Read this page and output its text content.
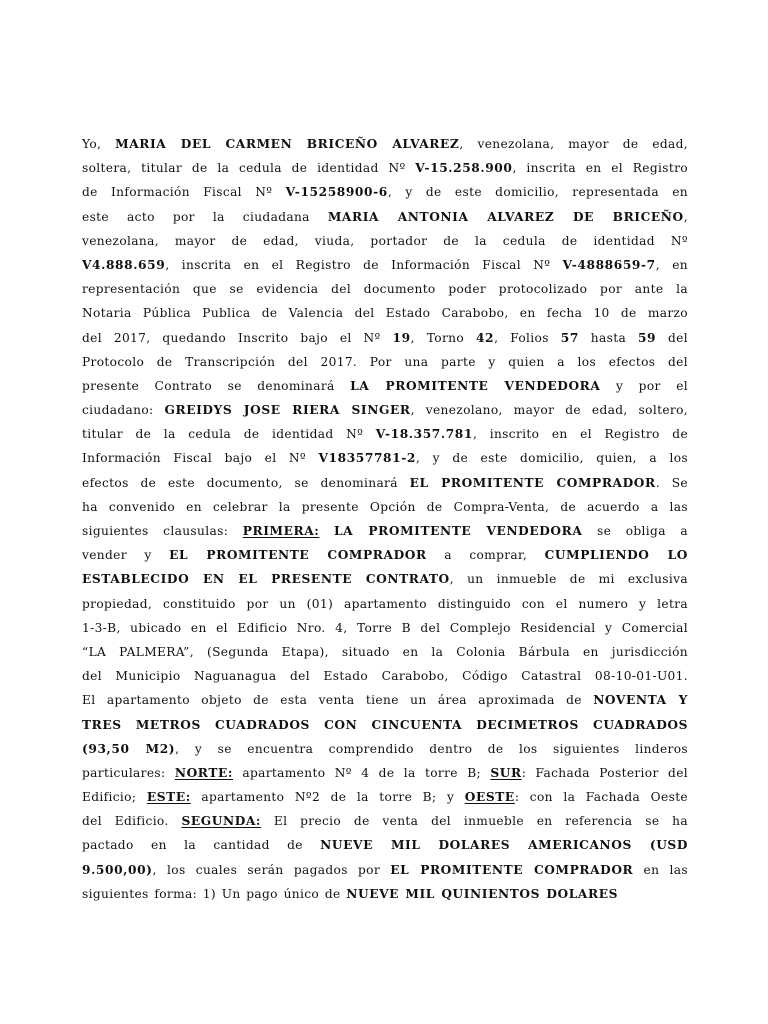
Yo, MARIA DEL CARMEN BRICEÑO ALVAREZ, venezolana, mayor de edad,
soltera, titular de la cedula de identidad Nº V-15.258.900, inscrita en el Registro
de Información Fiscal Nº V-15258900-6, y de este domicilio, representada en
este acto por la ciudadana MARIA ANTONIA ALVAREZ DE BRICEÑO,
venezolana, mayor de edad, viuda, portador de la cedula de identidad Nº
V4.888.659, inscrita en el Registro de Información Fiscal Nº V-4888659-7, en
representación que se evidencia del documento poder protocolizado por ante la
Notaria Pública Publica de Valencia del Estado Carabobo, en fecha 10 de marzo
del 2017, quedando Inscrito bajo el Nº 19, Torno 42, Folios 57 hasta 59 del
Protocolo de Transcripción del 2017. Por una parte y quien a los efectos del
presente Contrato se denominará LA PROMITENTE VENDEDORA y por el
ciudadano: GREIDYS JOSE RIERA SINGER, venezolano, mayor de edad, soltero,
titular de la cedula de identidad Nº V-18.357.781, inscrito en el Registro de
Información Fiscal bajo el Nº V18357781-2, y de este domicilio, quien, a los
efectos de este documento, se denominará EL PROMITENTE COMPRADOR. Se
ha convenido en celebrar la presente Opción de Compra-Venta, de acuerdo a las
siguientes clausulas: PRIMERA: LA PROMITENTE VENDEDORA se obliga a
vender y EL PROMITENTE COMPRADOR a comprar, CUMPLIENDO LO
ESTABLECIDO EN EL PRESENTE CONTRATO, un inmueble de mi exclusiva
propiedad, constituido por un (01) apartamento distinguido con el numero y letra
1-3-B, ubicado en el Edificio Nro. 4, Torre B del Complejo Residencial y Comercial
“LA PALMERA”, (Segunda Etapa), situado en la Colonia Bárbula en jurisdicción
del Municipio Naguanagua del Estado Carabobo, Código Catastral 08-10-01-U01.
El apartamento objeto de esta venta tiene un área aproximada de NOVENTA Y
TRES METROS CUADRADOS CON CINCUENTA DECIMETROS CUADRADOS
(93,50 M2), y se encuentra comprendido dentro de los siguientes linderos
particulares: NORTE: apartamento Nº 4 de la torre B; SUR: Fachada Posterior del
Edificio; ESTE: apartamento Nº2 de la torre B; y OESTE: con la Fachada Oeste
del Edificio. SEGUNDA: El precio de venta del inmueble en referencia se ha
pactado en la cantidad de NUEVE MIL DOLARES AMERICANOS (USD
9.500,00), los cuales serán pagados por EL PROMITENTE COMPRADOR en las
siguientes forma: 1) Un pago único de NUEVE MIL QUINIENTOS DOLARES
